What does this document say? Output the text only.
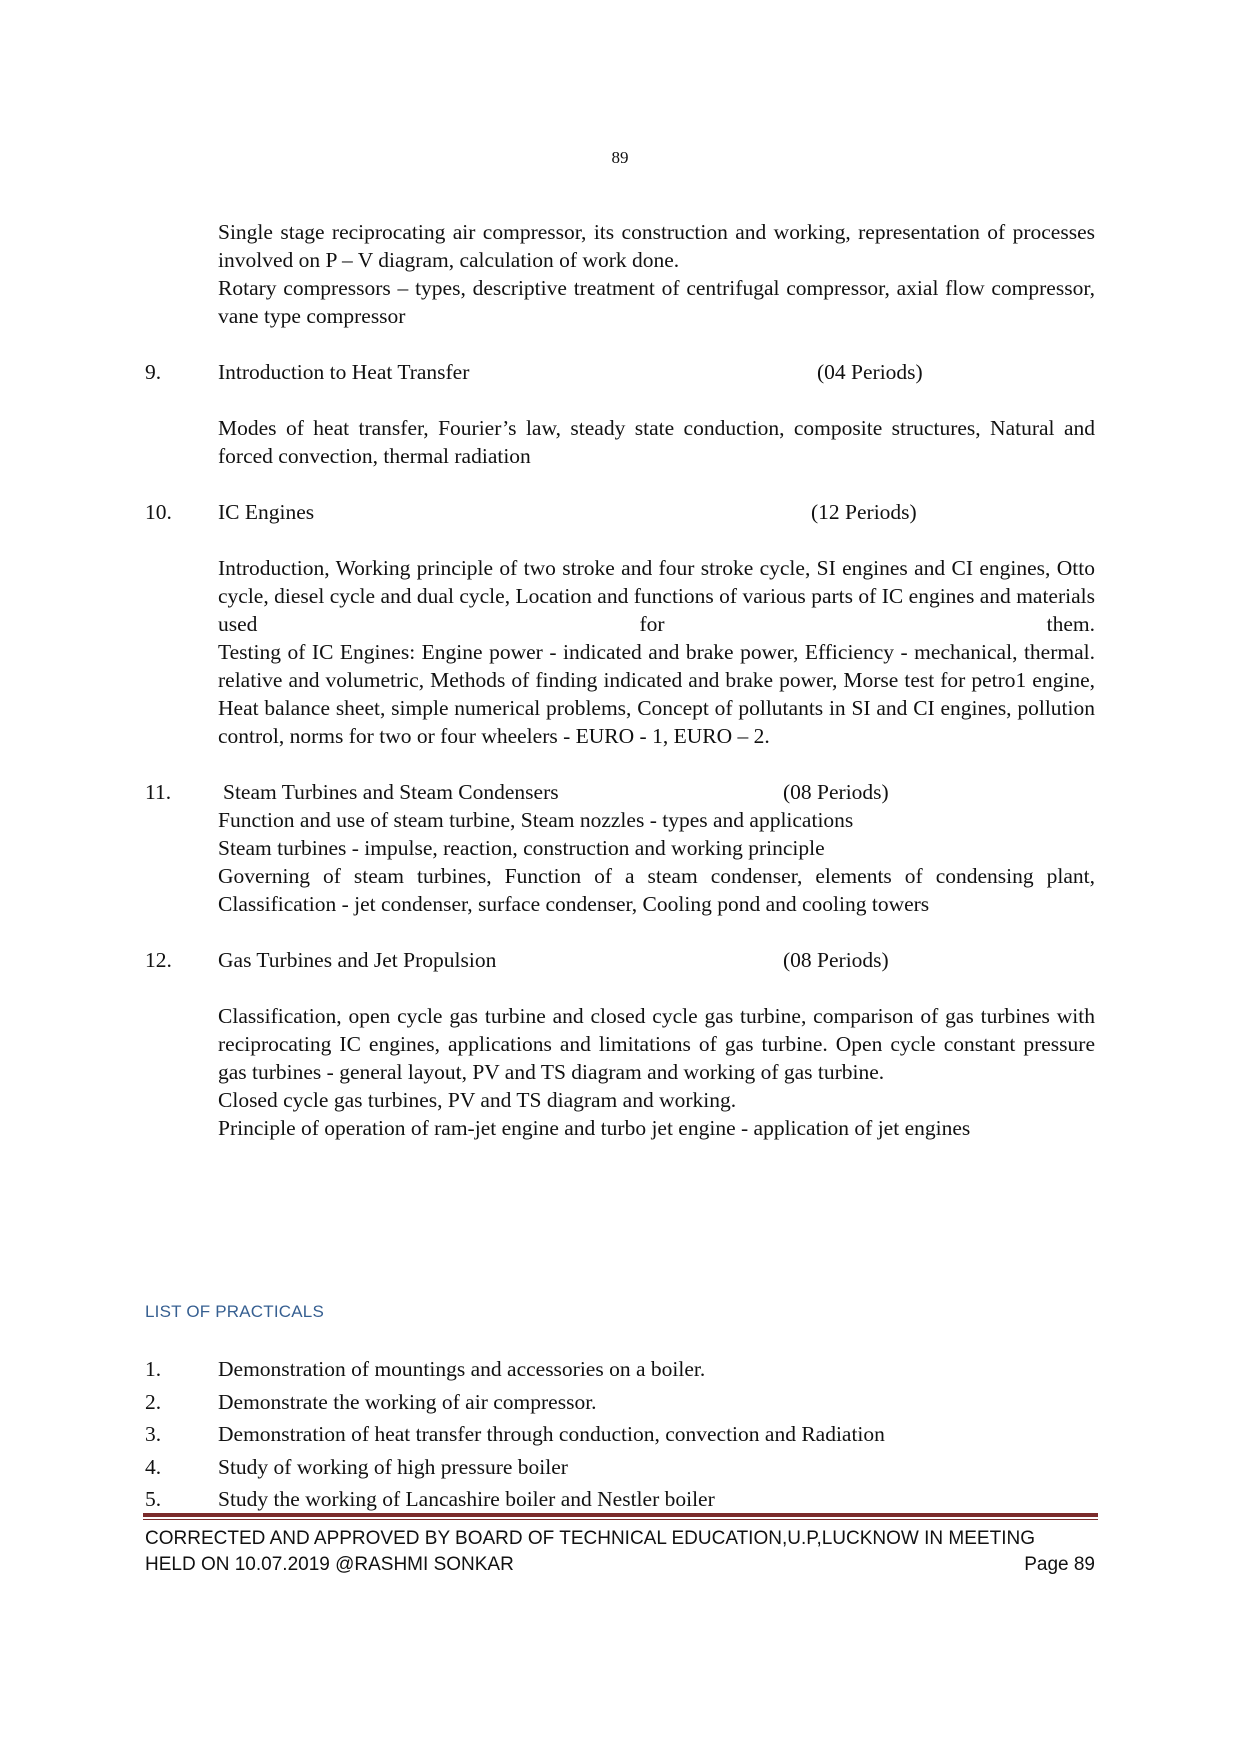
89

Single stage reciprocating air compressor, its construction and working, representation of processes involved on P – V diagram, calculation of work done.

Rotary compressors – types, descriptive treatment of centrifugal compressor, axial flow compressor, vane type compressor

9.	Introduction to Heat Transfer	(04 Periods)

Modes of heat transfer, Fourier’s law, steady state conduction, composite structures, Natural and forced convection, thermal radiation

10. IC Engines	(12 Periods)

Introduction, Working principle of two stroke and four stroke cycle, SI engines and CI engines, Otto cycle, diesel cycle and dual cycle, Location and functions of various parts of IC engines and materials used for them.

Testing of IC Engines: Engine power - indicated and brake power, Efficiency - mechanical, thermal. relative and volumetric, Methods of finding indicated and brake power, Morse test for petro1 engine, Heat balance sheet, simple numerical problems, Concept of pollutants in SI and CI engines, pollution control, norms for two or four wheelers - EURO - 1, EURO – 2.

11. Steam Turbines and Steam Condensers	(08 Periods)

Function and use of steam turbine, Steam nozzles - types and applications

Steam turbines - impulse, reaction, construction and working principle

Governing of steam turbines, Function of a steam condenser, elements of condensing plant, Classification - jet condenser, surface condenser, Cooling pond and cooling towers

12. Gas Turbines and Jet Propulsion	(08 Periods)

Classification, open cycle gas turbine and closed cycle gas turbine, comparison of gas turbines with reciprocating IC engines, applications and limitations of gas turbine. Open cycle constant pressure gas turbines - general layout, PV and TS diagram and working of gas turbine.

Closed cycle gas turbines, PV and TS diagram and working.

Principle of operation of ram-jet engine and turbo jet engine - application of jet engines

LIST OF PRACTICALS
1.	Demonstration of mountings and accessories on a boiler.
2.	Demonstrate the working of air compressor.
3.	Demonstration of heat transfer through conduction, convection and Radiation
4.	Study of working of high pressure boiler
5.	Study the working of Lancashire boiler and Nestler boiler
CORRECTED AND APPROVED BY BOARD OF TECHNICAL EDUCATION,U.P,LUCKNOW IN MEETING
HELD ON 10.07.2019 @RASHMI SONKAR	Page 89
